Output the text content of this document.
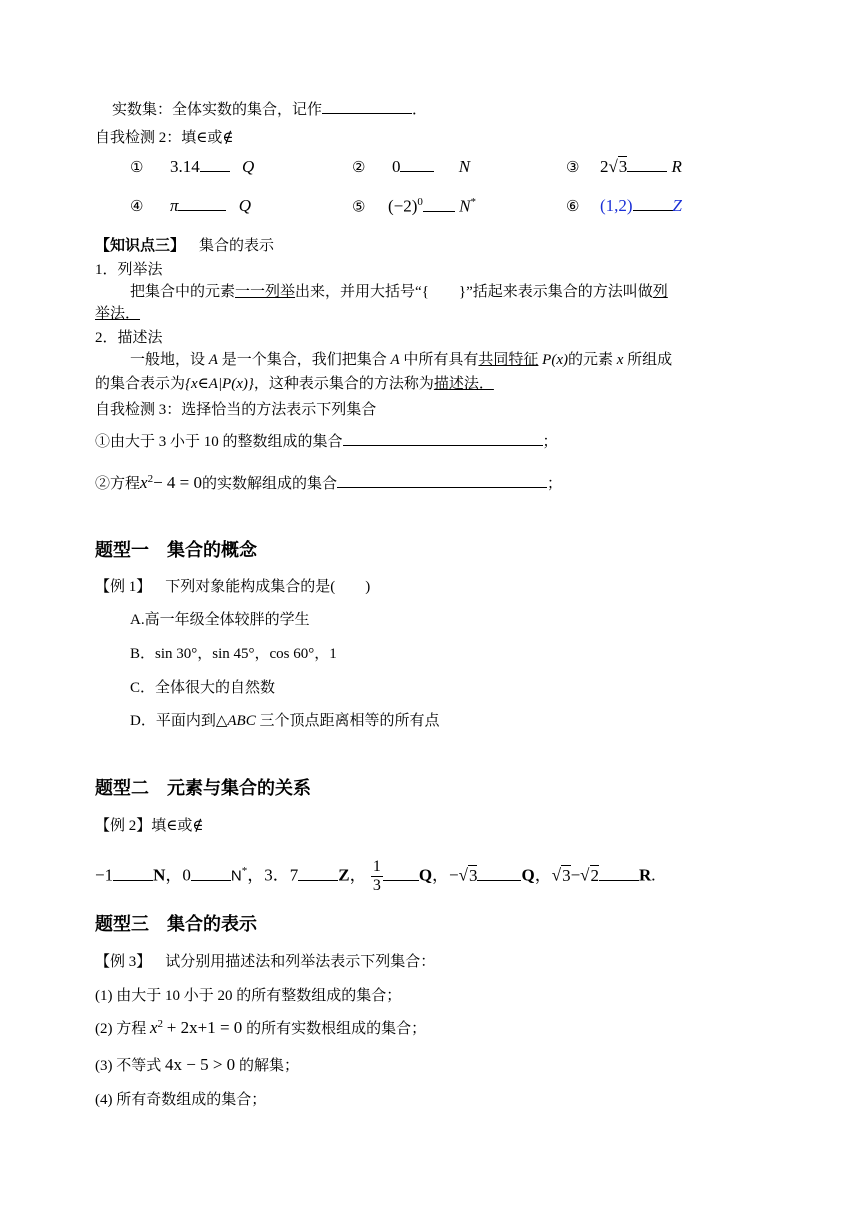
实数集：全体实数的集合，记作	．
自我检测 2：填∈或∉
① 3.14 Q	② 0	N	③ 2√3	R
④ π	Q	⑤ $(-2)^0$ N*	⑥ (1,2) Z
【知识点三】 集合的表示
1．列举法
把集合中的元素一一列举出来，并用大括号“{　　}”括起来表示集合的方法叫做列
举法．
2．描述法
一般地，设 A 是一个集合，我们把集合 A 中所有具有共同特征 P(x)的元素 x 所组成
的集合表示为{x∈A|P(x)}，这种表示集合的方法称为描述法．
自我检测 3：选择恰当的方法表示下列集合
①由大于 3 小于 10 的整数组成的集合	；
②方程$x^2- 4 = 0$的实数解组成的集合	；
题型一　集合的概念
【例 1】 下列对象能构成集合的是(　　)
A.高一年级全体较胖的学生
B．sin 30°，sin 45°，cos 60°，1
C．全体很大的自然数
D．平面内到△ABC 三个顶点距离相等的所有点
题型二　元素与集合的关系
【例 2】填∈或∉
−1 N，0	N*，3．7 Z， $\frac{1}{3}$ Q，−√3	Q，√3−√2 R.
题型三　集合的表示
【例 3】 试分别用描述法和列举法表示下列集合：
(1) 由大于 10 小于 20 的所有整数组成的集合；
(2) 方程 $x^2 + 2x+1 = 0$ 的所有实数根组成的集合；
(3) 不等式 4x − 5 > 0 的解集；
(4) 所有奇数组成的集合；
